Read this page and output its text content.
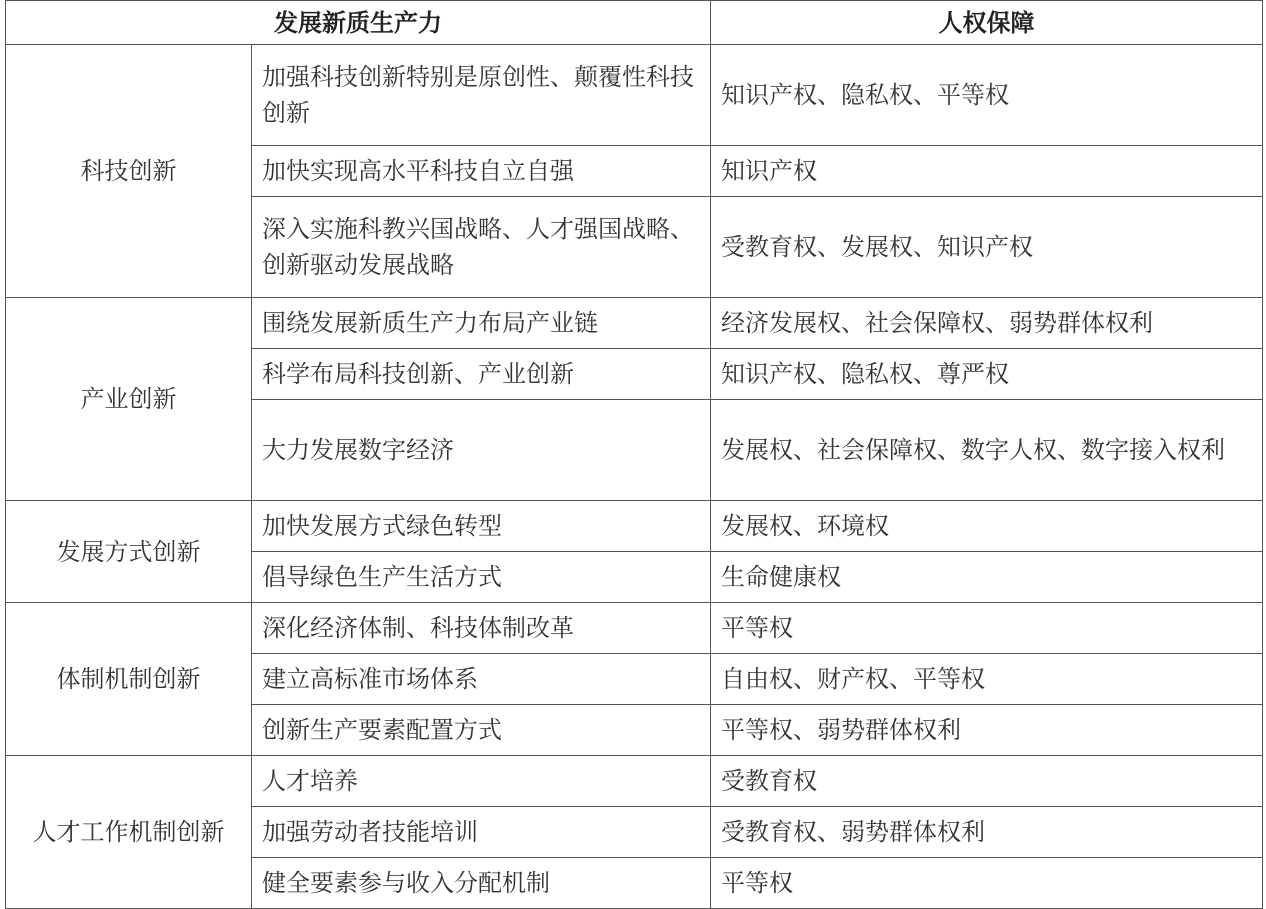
发展新质生产力		人权保障
科技创新	加强科技创新特别是原创性、颠覆性科技创新	知识产权、隐私权、平等权
	加快实现高水平科技自立自强	知识产权
	深入实施科教兴国战略、人才强国战略、创新驱动发展战略	受教育权、发展权、知识产权
产业创新	围绕发展新质生产力布局产业链	经济发展权、社会保障权、弱势群体权利
	科学布局科技创新、产业创新	知识产权、隐私权、尊严权
	大力发展数字经济	发展权、社会保障权、数字人权、数字接入权利
发展方式创新	加快发展方式绿色转型	发展权、环境权
	倡导绿色生产生活方式	生命健康权
体制机制创新	深化经济体制、科技体制改革	平等权
	建立高标准市场体系	自由权、财产权、平等权
	创新生产要素配置方式	平等权、弱势群体权利
人才工作机制创新	人才培养	受教育权
	加强劳动者技能培训	受教育权、弱势群体权利
	健全要素参与收入分配机制	平等权
